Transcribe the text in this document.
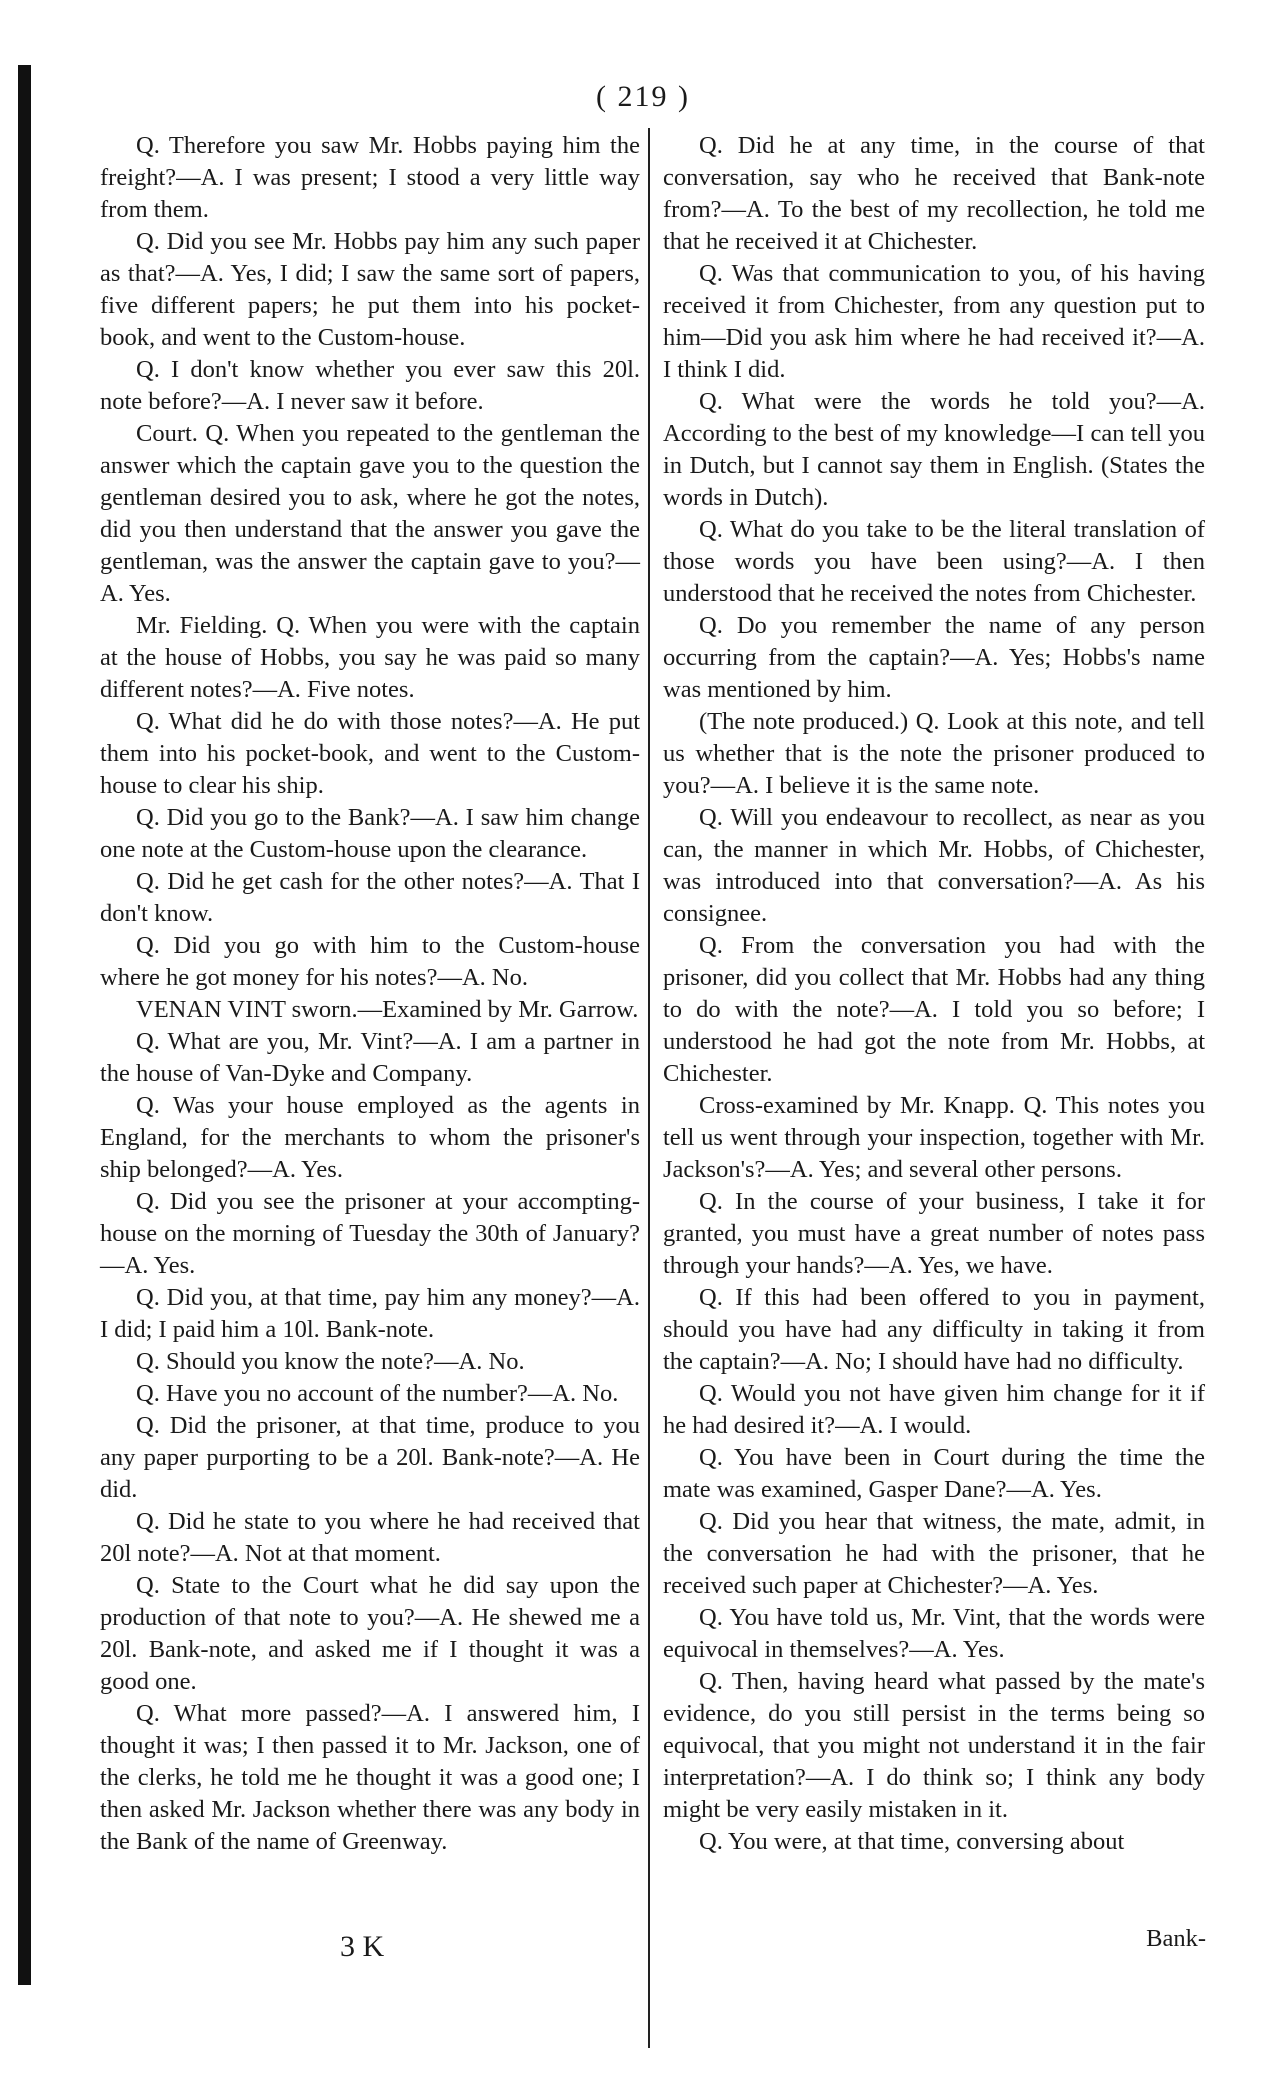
( 219 )

Q. Therefore you saw Mr. Hobbs paying him the freight?—A. I was present; I stood a very little way from them.

Q. Did you see Mr. Hobbs pay him any such paper as that?—A. Yes, I did; I saw the same sort of papers, five different papers; he put them into his pocket-book, and went to the Custom-house.

Q. I don't know whether you ever saw this 20l. note before?—A. I never saw it before.

Court. Q. When you repeated to the gentleman the answer which the captain gave you to the question the gentleman desired you to ask, where he got the notes, did you then understand that the answer you gave the gentleman, was the answer the captain gave to you?—A. Yes.

Mr. Fielding. Q. When you were with the captain at the house of Hobbs, you say he was paid so many different notes?—A. Five notes.

Q. What did he do with those notes?—A. He put them into his pocket-book, and went to the Custom-house to clear his ship.

Q. Did you go to the Bank?—A. I saw him change one note at the Custom-house upon the clearance.

Q. Did he get cash for the other notes?—A. That I don't know.

Q. Did you go with him to the Custom-house where he got money for his notes?—A. No.

VENAN VINT sworn.—Examined by Mr. Garrow.

Q. What are you, Mr. Vint?—A. I am a partner in the house of Van-Dyke and Company.

Q. Was your house employed as the agents in England, for the merchants to whom the prisoner's ship belonged?—A. Yes.

Q. Did you see the prisoner at your accompting-house on the morning of Tuesday the 30th of January?—A. Yes.

Q. Did you, at that time, pay him any money?—A. I did; I paid him a 10l. Bank-note.

Q. Should you know the note?—A. No.

Q. Have you no account of the number?—A. No.

Q. Did the prisoner, at that time, produce to you any paper purporting to be a 20l. Bank-note?—A. He did.

Q. Did he state to you where he had received that 20l note?—A. Not at that moment.

Q. State to the Court what he did say upon the production of that note to you?—A. He shewed me a 20l. Bank-note, and asked me if I thought it was a good one.

Q. What more passed?—A. I answered him, I thought it was; I then passed it to Mr. Jackson, one of the clerks, he told me he thought it was a good one; I then asked Mr. Jackson whether there was any body in the Bank of the name of Greenway.

Q. Did he at any time, in the course of that conversation, say who he received that Bank-note from?—A. To the best of my recollection, he told me that he received it at Chichester.

Q. Was that communication to you, of his having received it from Chichester, from any question put to him—Did you ask him where he had received it?—A. I think I did.

Q. What were the words he told you?—A. According to the best of my knowledge—I can tell you in Dutch, but I cannot say them in English. (States the words in Dutch).

Q. What do you take to be the literal translation of those words you have been using?—A. I then understood that he received the notes from Chichester.

Q. Do you remember the name of any person occurring from the captain?—A. Yes; Hobbs's name was mentioned by him.

(The note produced.) Q. Look at this note, and tell us whether that is the note the prisoner produced to you?—A. I believe it is the same note.

Q. Will you endeavour to recollect, as near as you can, the manner in which Mr. Hobbs, of Chichester, was introduced into that conversation?—A. As his consignee.

Q. From the conversation you had with the prisoner, did you collect that Mr. Hobbs had any thing to do with the note?—A. I told you so before; I understood he had got the note from Mr. Hobbs, at Chichester.

Cross-examined by Mr. Knapp. Q. This notes you tell us went through your inspection, together with Mr. Jackson's?—A. Yes; and several other persons.

Q. In the course of your business, I take it for granted, you must have a great number of notes pass through your hands?—A. Yes, we have.

Q. If this had been offered to you in payment, should you have had any difficulty in taking it from the captain?—A. No; I should have had no difficulty.

Q. Would you not have given him change for it if he had desired it?—A. I would.

Q. You have been in Court during the time the mate was examined, Gasper Dane?—A. Yes.

Q. Did you hear that witness, the mate, admit, in the conversation he had with the prisoner, that he received such paper at Chichester?—A. Yes.

Q. You have told us, Mr. Vint, that the words were equivocal in themselves?—A. Yes.

Q. Then, having heard what passed by the mate's evidence, do you still persist in the terms being so equivocal, that you might not understand it in the fair interpretation?—A. I do think so; I think any body might be very easily mistaken in it.

Q. You were, at that time, conversing about

3 K	Bank-
